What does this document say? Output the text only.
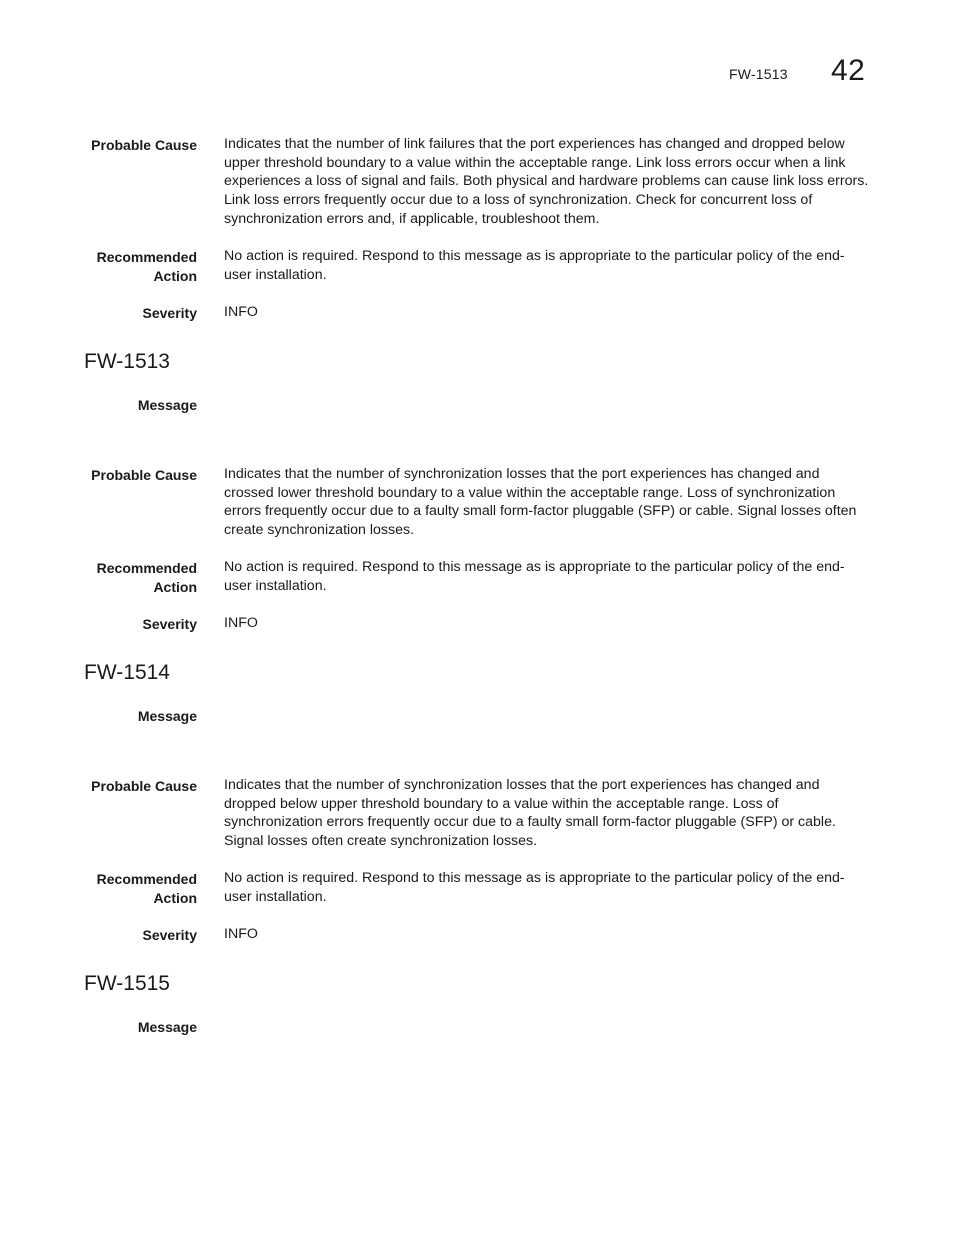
FW-1513 42
Probable Cause Indicates that the number of link failures that the port experiences has changed and dropped below upper threshold boundary to a value within the acceptable range. Link loss errors occur when a link experiences a loss of signal and fails. Both physical and hardware problems can cause link loss errors. Link loss errors frequently occur due to a loss of synchronization. Check for concurrent loss of synchronization errors and, if applicable, troubleshoot them.
Recommended
Action
No action is required. Respond to this message as is appropriate to the particular policy of the end-user installation.
Severity INFO
FW-1513
Message
Probable Cause Indicates that the number of synchronization losses that the port experiences has changed and crossed lower threshold boundary to a value within the acceptable range. Loss of synchronization errors frequently occur due to a faulty small form-factor pluggable (SFP) or cable. Signal losses often create synchronization losses.
Recommended
Action
No action is required. Respond to this message as is appropriate to the particular policy of the end-user installation.
Severity INFO
FW-1514
Message
Probable Cause Indicates that the number of synchronization losses that the port experiences has changed and dropped below upper threshold boundary to a value within the acceptable range. Loss of synchronization errors frequently occur due to a faulty small form-factor pluggable (SFP) or cable. Signal losses often create synchronization losses.
Recommended
Action
No action is required. Respond to this message as is appropriate to the particular policy of the end-user installation.
Severity INFO
FW-1515
Message
